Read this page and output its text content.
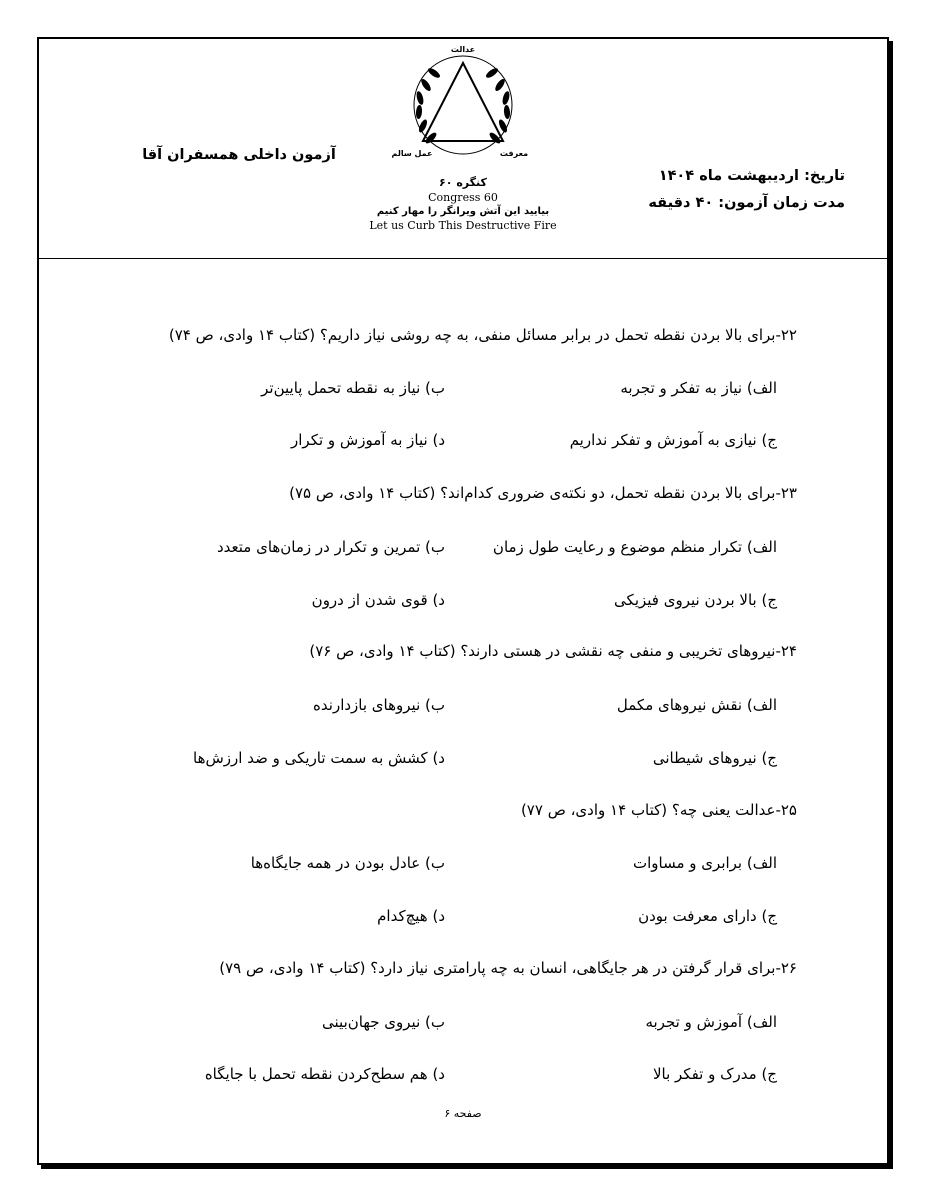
تاریخ: اردیبهشت ماه ۱۴۰۴
مدت زمان آزمون: ۴۰ دقیقه
آزمون داخلی همسفران آقا
عدالت
عمل سالم	معرفت
کنگره ۶۰
Congress 60
بیایید این آتش ویرانگر را مهار کنیم
Let us Curb This Destructive Fire
۲۲-برای بالا بردن نقطه تحمل در برابر مسائل منفی، به چه روشی نیاز داریم؟ (کتاب ۱۴ وادی، ص ۷۴)
الف) نیاز به تفکر و تجربه
ب) نیاز به نقطه تحمل پایین‌تر
ج) نیازی به آموزش و تفکر نداریم
د) نیاز به آموزش و تکرار
۲۳-برای بالا بردن نقطه تحمل، دو نکته‌ی ضروری کدام‌اند؟ (کتاب ۱۴ وادی، ص ۷۵)
الف) تکرار منظم موضوع و رعایت طول زمان
ب) تمرین و تکرار در زمان‌های متعدد
ج) بالا بردن نیروی فیزیکی
د) قوی شدن از درون
۲۴-نیروهای تخریبی و منفی چه نقشی در هستی دارند؟ (کتاب ۱۴ وادی، ص ۷۶)
الف) نقش نیروهای مکمل
ب) نیروهای بازدارنده
ج) نیروهای شیطانی
د) کشش به سمت تاریکی و ضد ارزش‌ها
۲۵-عدالت یعنی چه؟ (کتاب ۱۴ وادی، ص ۷۷)
الف) برابری و مساوات
ب) عادل بودن در همه جایگاه‌ها
ج) دارای معرفت بودن
د) هیچ‌کدام
۲۶-برای قرار گرفتن در هر جایگاهی، انسان به چه پارامتری نیاز دارد؟ (کتاب ۱۴ وادی، ص ۷۹)
الف) آموزش و تجربه
ب) نیروی جهان‌بینی
ج) مدرک و تفکر بالا
د) هم سطح‌کردن نقطه تحمل با جایگاه
صفحه ۶
